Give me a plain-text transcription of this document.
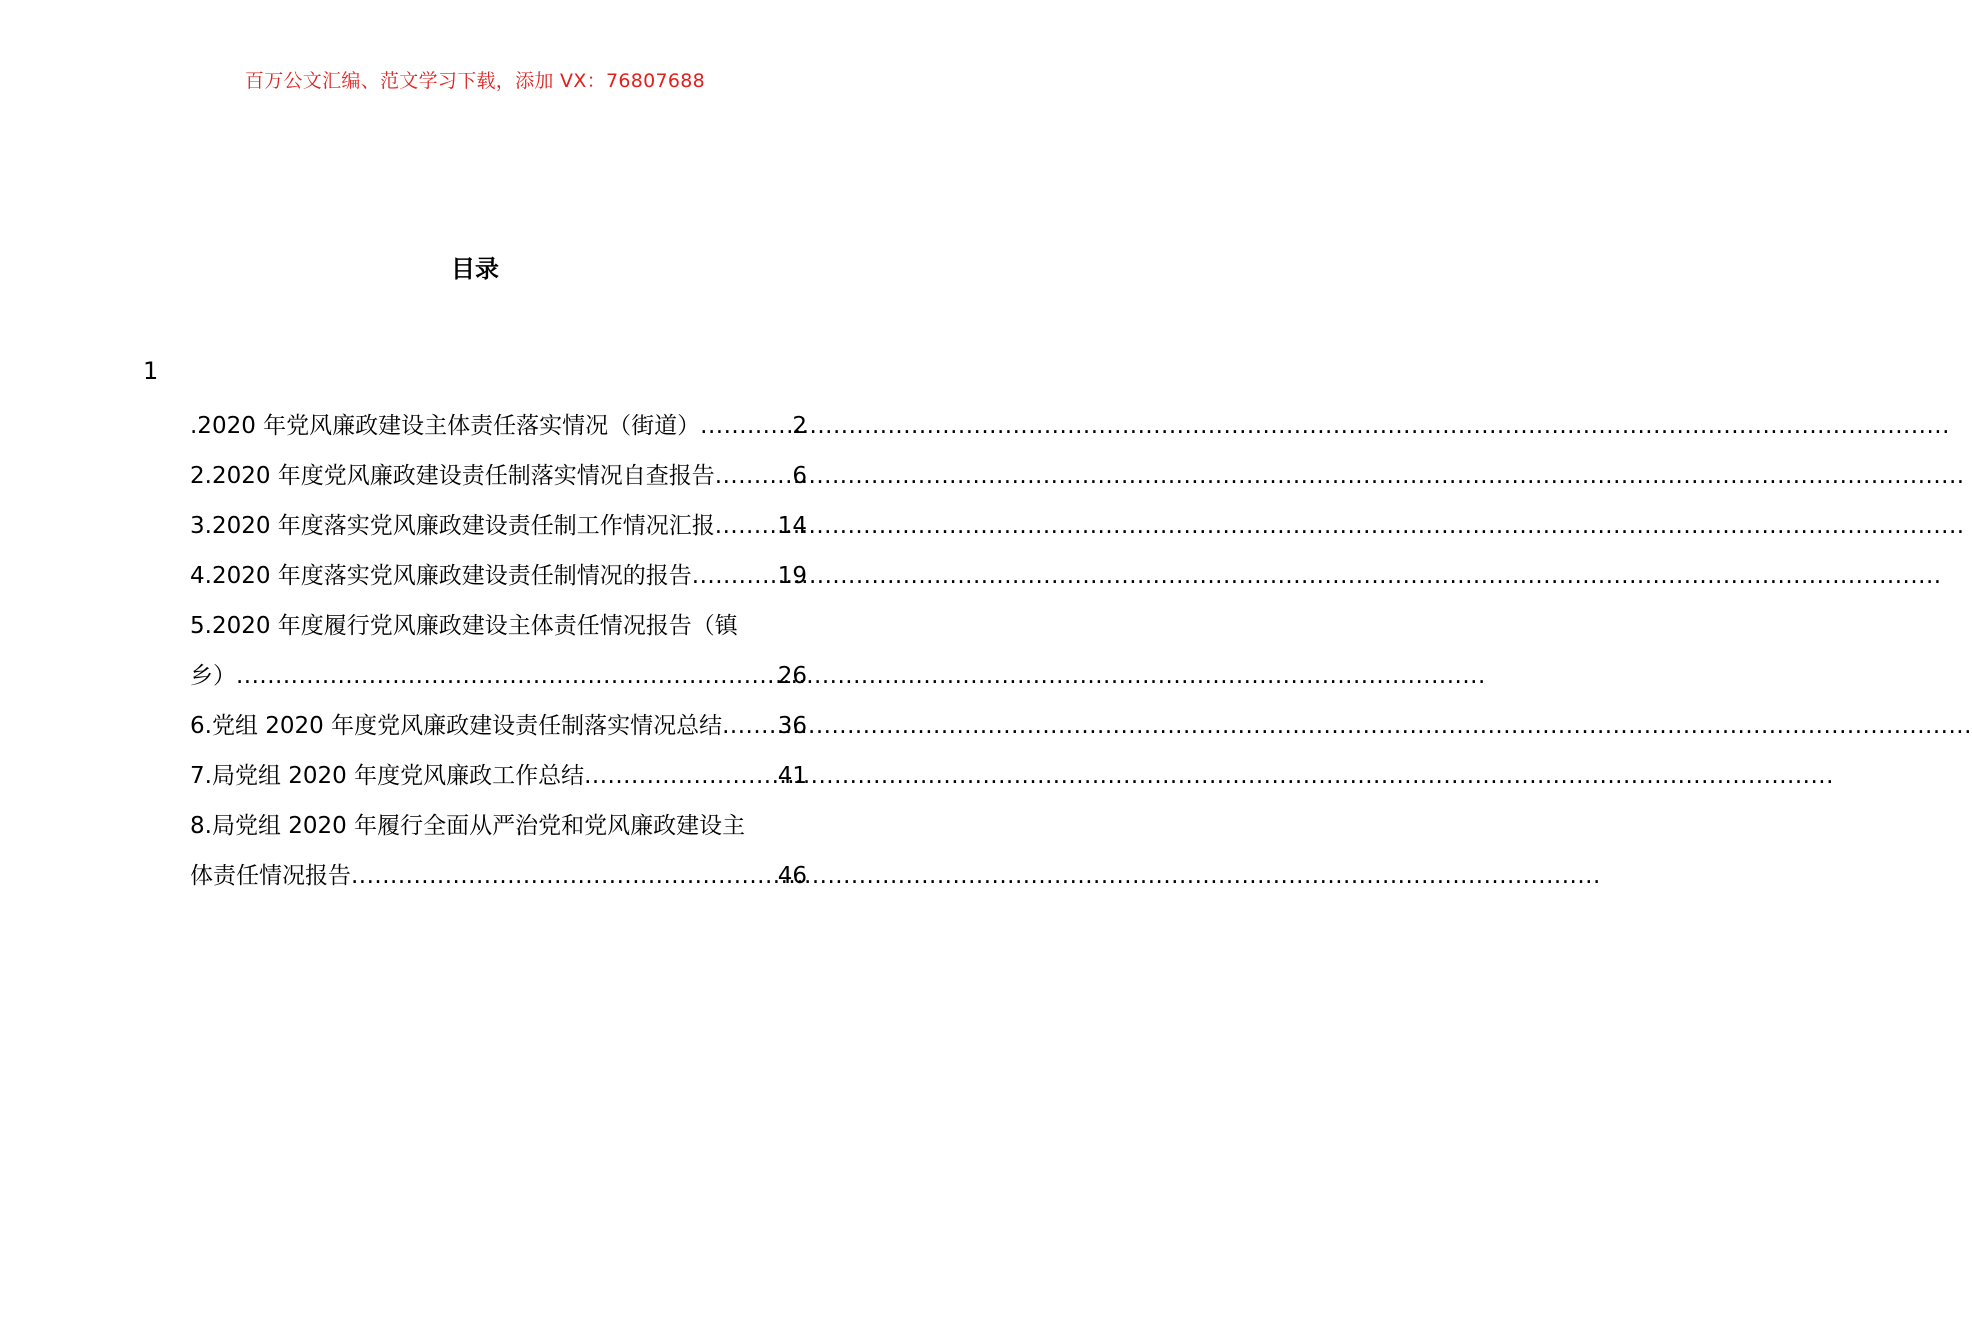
百万公文汇编、范文学习下载，添加 VX：76807688
目录
1
.2020 年党风廉政建设主体责任落实情况（街道） .....	2
2.2020 年度党风廉政建设责任制落实情况自查报告 .....	6
3.2020 年度落实党风廉政建设责任制工作情况汇报 .....	14
4.2020 年度落实党风廉政建设责任制情况的报告 .....	19
5.2020 年度履行党风廉政建设主体责任情况报告（镇
乡） .....	26
6.党组 2020 年度党风廉政建设责任制落实情况总结 ..... 36
7.局党组 2020 年度党风廉政工作总结 .....	41
8.局党组 2020 年履行全面从严治党和党风廉政建设主
体责任情况报告 .....	46
